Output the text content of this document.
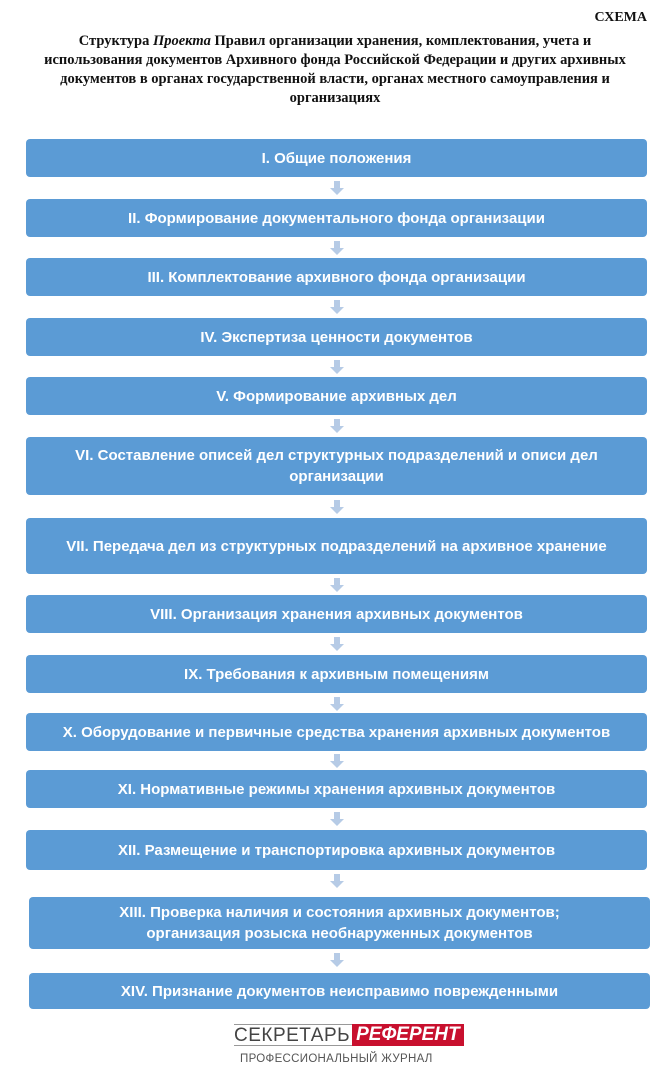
СХЕМА
Структура Проекта Правил организации хранения, комплектования, учета и использования документов Архивного фонда Российской Федерации и других архивных документов в органах государственной власти, органах местного самоуправления и организациях
I. Общие положения
II. Формирование документального фонда организации
III. Комплектование архивного фонда организации
IV. Экспертиза ценности документов
V. Формирование архивных дел
VI. Составление описей дел структурных подразделений и описи дел организации
VII. Передача дел из структурных подразделений на архивное хранение
VIII. Организация хранения архивных документов
IX. Требования к архивным помещениям
X. Оборудование и первичные средства хранения архивных документов
XI. Нормативные режимы хранения архивных документов
XII. Размещение и транспортировка архивных документов
XIII. Проверка наличия и состояния архивных документов; организация розыска необнаруженных документов
XIV. Признание документов неисправимо поврежденными
СЕКРЕТАРЬ РЕФЕРЕНТ
ПРОФЕССИОНАЛЬНЫЙ ЖУРНАЛ
